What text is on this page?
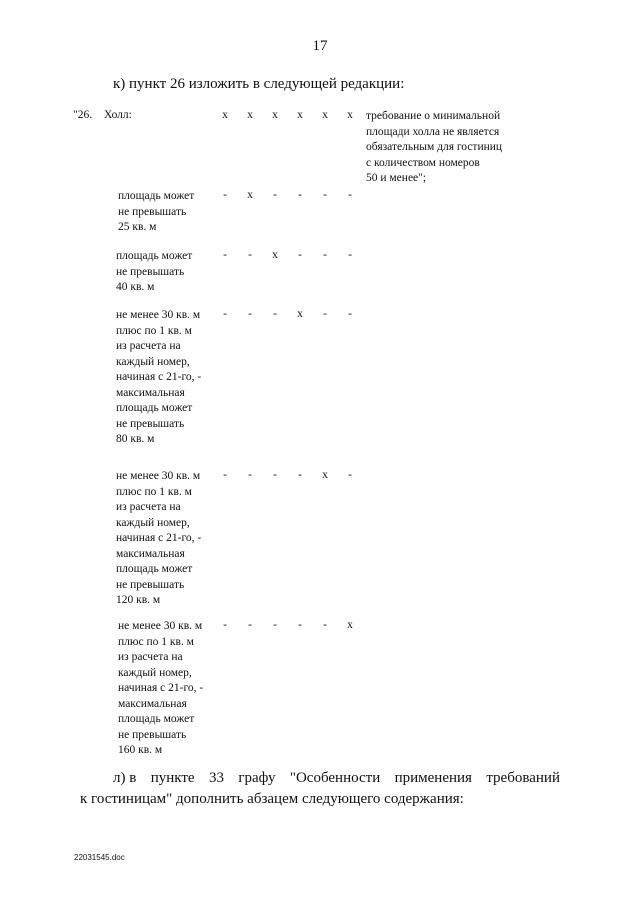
17
к) пункт 26 изложить в следующей редакции:
"26. Холл:	х х х х х х требование о минимальной
площади холла не является
обязательным для гостиниц
с количеством номеров
50 и менее";
площадь может
не превышать
25 кв. м
-	х	-	-	-	-
площадь может
не превышать
40 кв. м
-	-	х	-	-	-
не менее 30 кв. м
плюс по 1 кв. м
из расчета на
каждый номер,
начиная с 21-го, -
максимальная
площадь может
не превышать
80 кв. м
-	-	-	х	-	-
не менее 30 кв. м
плюс по 1 кв. м
из расчета на
каждый номер,
начиная с 21-го, -
максимальная
площадь может
не превышать
120 кв. м
-	-	-	-	х	-
не менее 30 кв. м
плюс по 1 кв. м
из расчета на
каждый номер,
начиная с 21-го, -
максимальная
площадь может
не превышать
160 кв. м
-	-	-	-	-	х
л) в пункте 33 графу "Особенности применения требований
к гостиницам" дополнить абзацем следующего содержания:
22031545.doc
